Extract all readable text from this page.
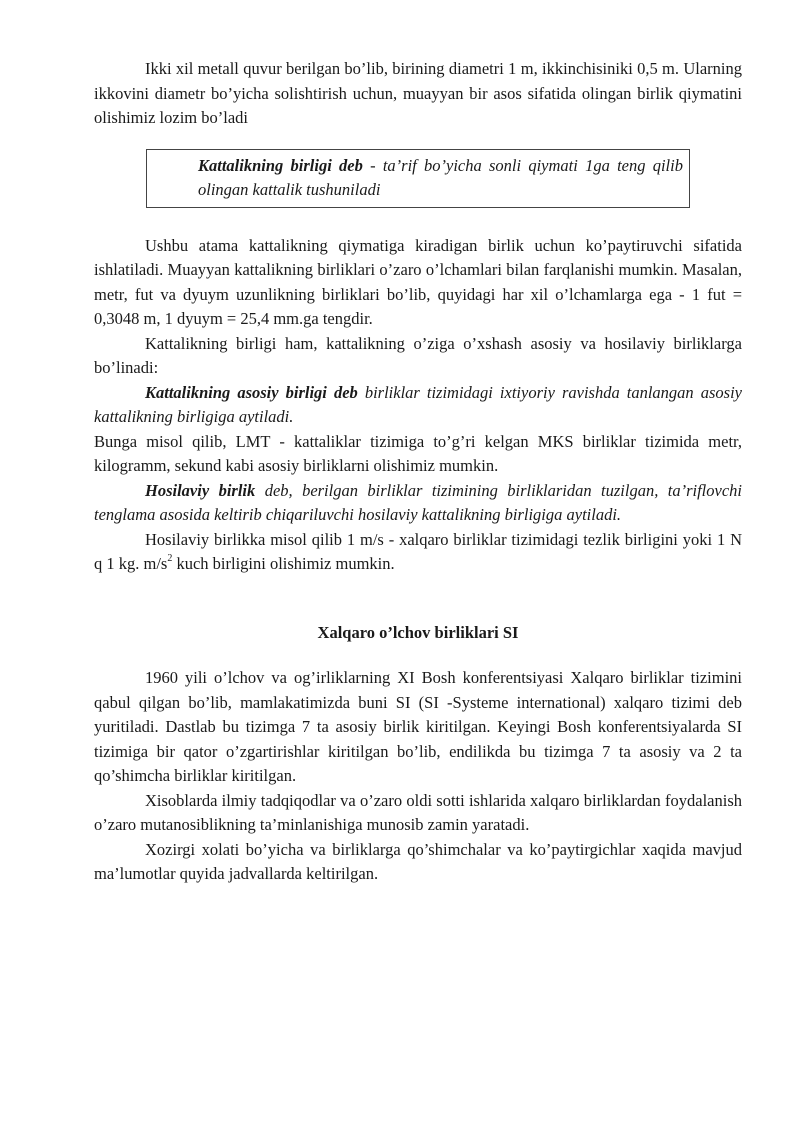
Ikki xil metall quvur berilgan bo’lib, birining diametri 1 m, ikkinchisiniki 0,5 m. Ularning ikkovini diametr bo’yicha solishtirish uchun, muayyan bir asos sifatida olingan birlik qiymatini olishimiz lozim bo’ladi

Kattalikning birligi deb - ta’rif bo’yicha sonli qiymati 1ga teng qilib olingan kattalik tushuniladi

Ushbu atama kattalikning qiymatiga kiradigan birlik uchun ko’paytiruvchi sifatida ishlatiladi. Muayyan kattalikning birliklari o’zaro o’lchamlari bilan farqlanishi mumkin. Masalan, metr, fut va dyuym uzunlikning birliklari bo’lib, quyidagi har xil o’lchamlarga ega - 1 fut = 0,3048 m, 1 dyuym = 25,4 mm.ga tengdir.

Kattalikning birligi ham, kattalikning o’ziga o’xshash asosiy va hosilaviy birliklarga bo’linadi:

Kattalikning asosiy birligi deb birliklar tizimidagi ixtiyoriy ravishda tanlangan asosiy kattalikning birligiga aytiladi.

Bunga misol qilib, LMT - kattaliklar tizimiga to’g’ri kelgan MKS birliklar tizimida metr, kilogramm, sekund kabi asosiy birliklarni olishimiz mumkin.

Hosilaviy birlik deb, berilgan birliklar tizimining birliklaridan tuzilgan, ta’riflovchi tenglama asosida keltirib chiqariluvchi hosilaviy kattalikning birligiga aytiladi.

Hosilaviy birlikka misol qilib 1 m/s - xalqaro birliklar tizimidagi tezlik birligini yoki 1 N q 1 kg. $m/s^2$ kuch birligini olishimiz mumkin.

Xalqaro o’lchov birliklari SI

1960 yili o’lchov va og’irliklarning XI Bosh konferentsiyasi Xalqaro birliklar tizimini qabul qilgan bo’lib, mamlakatimizda buni SI (SI -Systeme international) xalqaro tizimi deb yuritiladi. Dastlab bu tizimga 7 ta asosiy birlik kiritilgan. Keyingi Bosh konferentsiyalarda SI tizimiga bir qator o’zgartirishlar kiritilgan bo’lib, endilikda bu tizimga 7 ta asosiy va 2 ta qo’shimcha birliklar kiritilgan.

Xisoblarda ilmiy tadqiqodlar va o’zaro oldi sotti ishlarida xalqaro birliklardan foydalanish o’zaro mutanosiblikning ta’minlanishiga munosib zamin yaratadi.

Xozirgi xolati bo’yicha va birliklarga qo’shimchalar va ko’paytirgichlar xaqida mavjud ma’lumotlar quyida jadvallarda keltirilgan.
